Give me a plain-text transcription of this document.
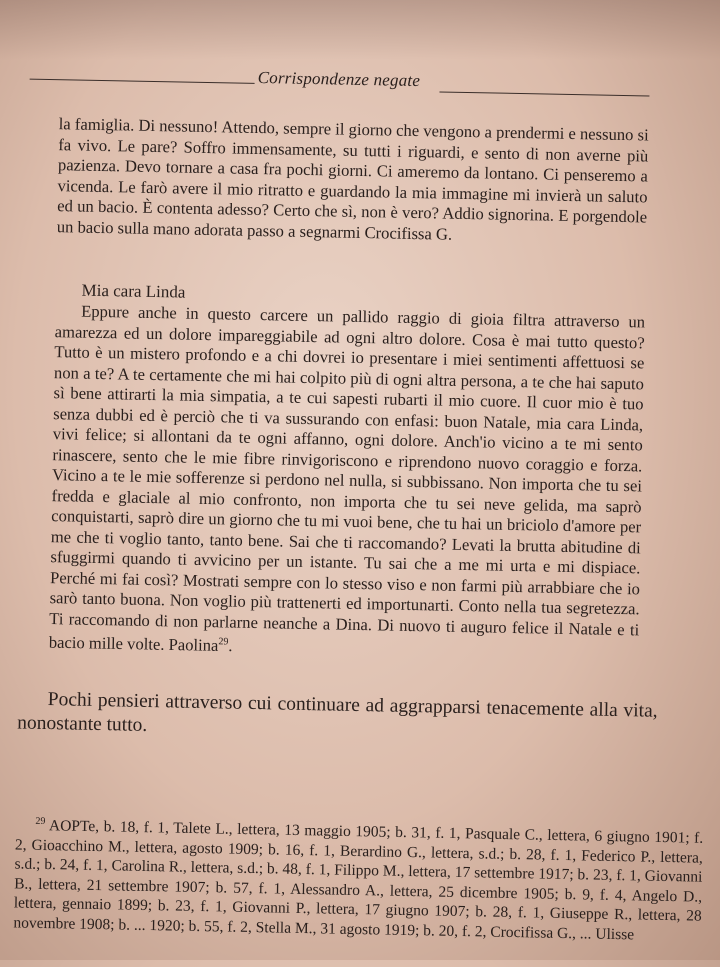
Corrispondenze negate

la famiglia. Di nessuno! Attendo, sempre il giorno che vengono a prendermi e nessuno si fa vivo. Le pare? Soffro immensamente, su tutti i riguardi, e sento di non averne più pazienza. Devo tornare a casa fra pochi giorni. Ci ameremo da lontano. Ci penseremo a vicenda. Le farò avere il mio ritratto e guardando la mia immagine mi invierà un saluto ed un bacio. È contenta adesso? Certo che sì, non è vero? Addio signorina. E porgendole un bacio sulla mano adorata passo a segnarmi Crocifissa G.

Mia cara Linda

Eppure anche in questo carcere un pallido raggio di gioia filtra attraverso un amarezza ed un dolore impareggiabile ad ogni altro dolore. Cosa è mai tutto questo? Tutto è un mistero profondo e a chi dovrei io presentare i miei sentimenti affettuosi se non a te? A te certamente che mi hai colpito più di ogni altra persona, a te che hai saputo sì bene attirarti la mia simpatia, a te cui sapesti rubarti il mio cuore. Il cuor mio è tuo senza dubbi ed è perciò che ti va sussurando con enfasi: buon Natale, mia cara Linda, vivi felice; si allontani da te ogni affanno, ogni dolore. Anch'io vicino a te mi sento rinascere, sento che le mie fibre rinvigoriscono e riprendono nuovo coraggio e forza. Vicino a te le mie sofferenze si perdono nel nulla, si subbissano. Non importa che tu sei fredda e glaciale al mio confronto, non importa che tu sei neve gelida, ma saprò conquistarti, saprò dire un giorno che tu mi vuoi bene, che tu hai un briciolo d'amore per me che ti voglio tanto, tanto bene. Sai che ti raccomando? Levati la brutta abitudine di sfuggirmi quando ti avvicino per un istante. Tu sai che a me mi urta e mi dispiace. Perché mi fai così? Mostrati sempre con lo stesso viso e non farmi più arrabbiare che io sarò tanto buona. Non voglio più trattenerti ed importunarti. Conto nella tua segretezza. Ti raccomando di non parlarne neanche a Dina. Di nuovo ti auguro felice il Natale e ti bacio mille volte. Paolina$^{29}$.

Pochi pensieri attraverso cui continuare ad aggrapparsi tenacemente alla vita, nonostante tutto.

$^{29}$ AOPTe, b. 18, f. 1, Talete L., lettera, 13 maggio 1905; b. 31, f. 1, Pasquale C., lettera, 6 giugno 1901; f. 2, Gioacchino M., lettera, agosto 1909; b. 16, f. 1, Berardino G., lettera, s.d.; b. 28, f. 1, Federico P., lettera, s.d.; b. 24, f. 1, Carolina R., lettera, s.d.; b. 48, f. 1, Filippo M., lettera, 17 settembre 1917; b. 23, f. 1, Giovanni B., lettera, 21 settembre 1907; b. 57, f. 1, Alessandro A., lettera, 25 dicembre 1905; b. 9, f. 4, Angelo D., lettera, gennaio 1899; b. 23, f. 1, Giovanni P., lettera, 17 giugno 1907; b. 28, f. 1, Giuseppe R., lettera, 28 novembre 1908; b. ... 1920; b. 55, f. 2, Stella M., 31 agosto 1919; b. 20, f. 2, Crocifissa G., ... Ulisse
